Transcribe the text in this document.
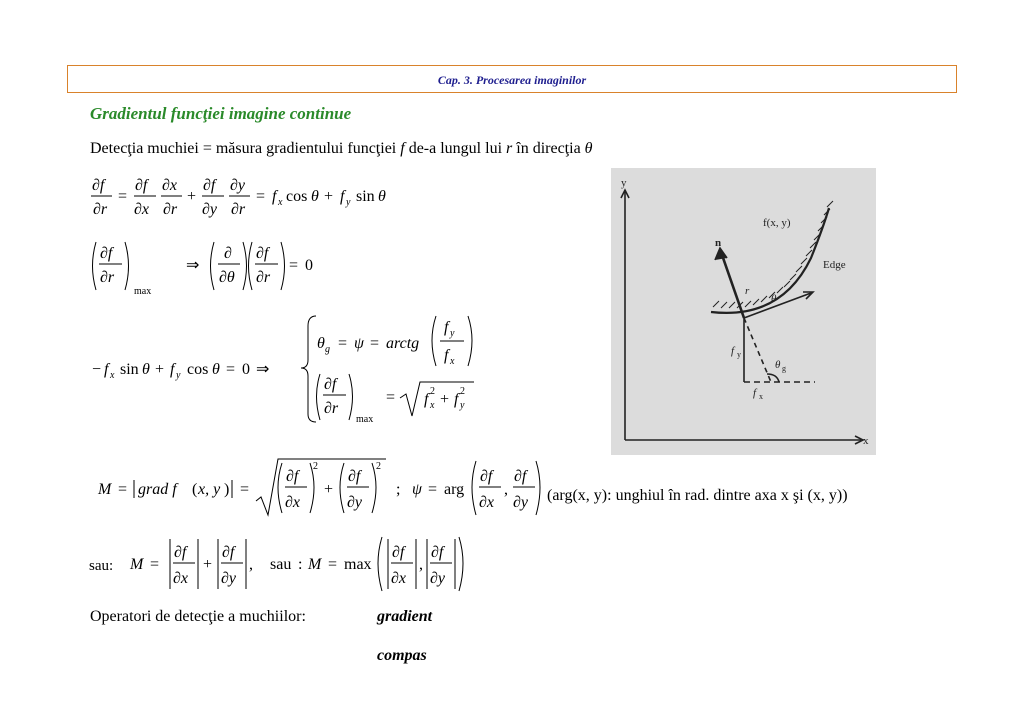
Cap. 3. Procesarea imaginilor
Gradientul funcţiei imagine continue
Detecţia muchiei = măsura gradientului funcţiei f de-a lungul lui r în direcţia θ
∂f
∂r
=
∂f
∂x
∂x
∂r
+
∂f
∂y
∂y
∂r
= f x cos θ + f y sin θ
∂f
∂r
max
⇒
∂
∂θ
∂f
∂r
= 0
− f x sin θ + f y cos θ = 0 ⇒
θ g = ψ = arctg
f y
f x
∂f
∂r
max
= f x
2 + f y
2
y
x
f(x, y)
Edge
n
r
θ
f y
f x
θ g
M = grad f ( x, y ) =
∂f
∂x
2
+
∂f
∂y
2
; ψ = arg
∂f
∂x
,
∂f
∂y (arg(x, y): unghiul în rad. dintre axa x şi (x, y))
sau: M =
∂f
∂x
+
∂f
∂y
, sau : M = max
∂f
∂x
,
∂f
∂y
Operatori de detecţie a muchiilor:	gradient
compas
